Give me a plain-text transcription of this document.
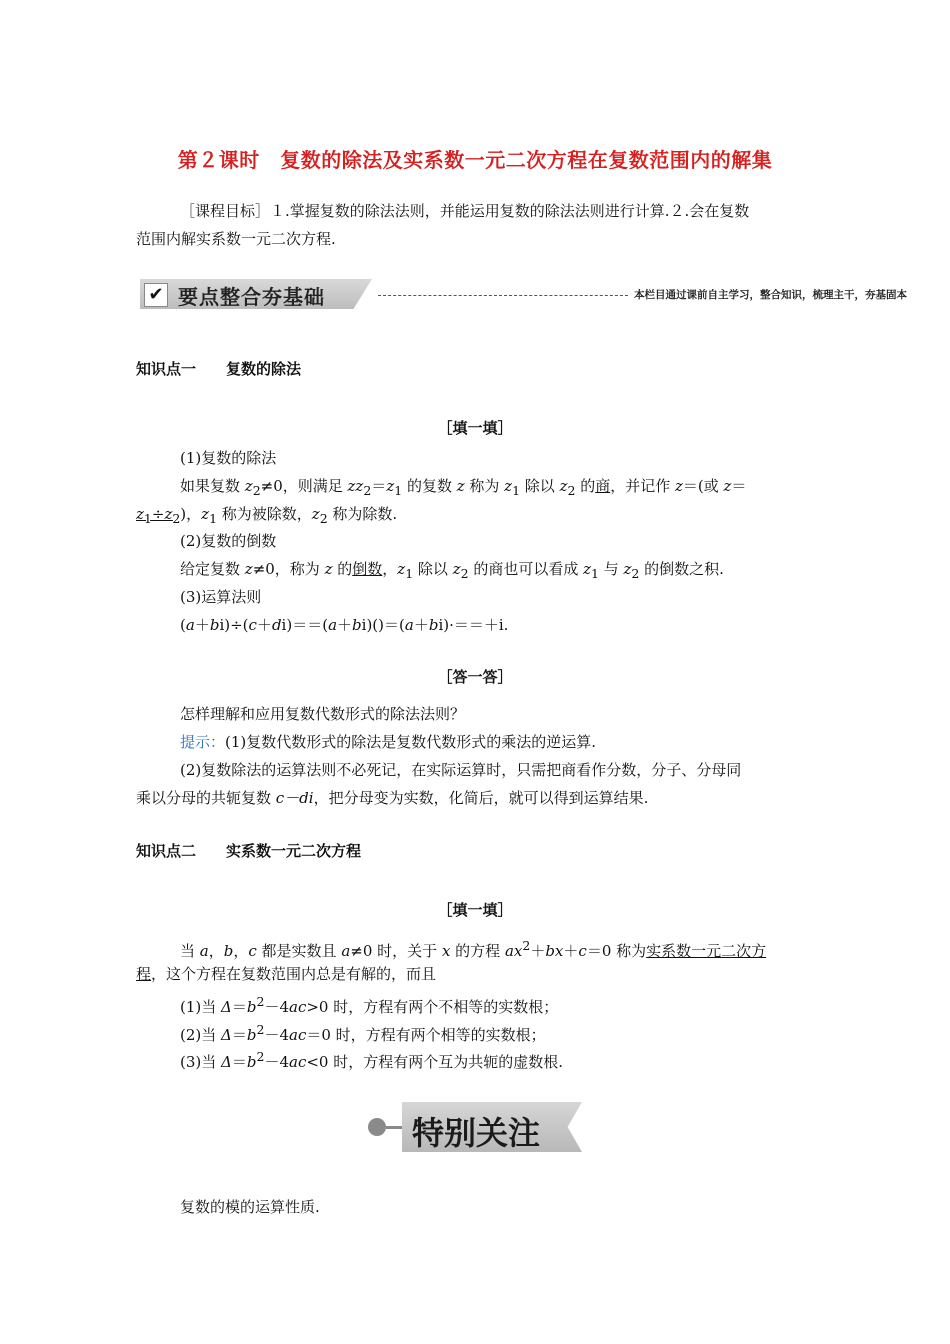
第２课时　复数的除法及实系数一元二次方程在复数范围内的解集
［课程目标］１.掌握复数的除法法则，并能运用复数的除法法则进行计算.２.会在复数
范围内解实系数一元二次方程.
✔ 要点整合夯基础	本栏目通过课前自主学习，整合知识，梳理主干，夯基固本
知识点一　　复数的除法
［填一填］
(1)复数的除法
如果复数 $z_2\ne 0$，则满足 $zz_2=z_1$ 的复数 z 称为 $z_1$ 除以 $z_2$ 的商，并记作 z＝(或 z＝
$z_1\div z_2$)，$z_1$ 称为被除数，$z_2$ 称为除数.
(2)复数的倒数
给定复数 z≠0，称为 z 的倒数，$z_1$ 除以 $z_2$ 的商也可以看成 $z_1$ 与 $z_2$ 的倒数之积.
(3)运算法则
(a＋bi)÷(c＋di)＝＝(a＋bi)()＝(a＋bi)·＝＝＋i.
［答一答］
怎样理解和应用复数代数形式的除法法则？
提示：(1)复数代数形式的除法是复数代数形式的乘法的逆运算.
(2)复数除法的运算法则不必死记，在实际运算时，只需把商看作分数，分子、分母同
乘以分母的共轭复数 c－di，把分母变为实数，化简后，就可以得到运算结果.
知识点二　　实系数一元二次方程
［填一填］
当 a，b，c 都是实数且 a≠0 时，关于 x 的方程 $ax^2+bx+c=0$ 称为实系数一元二次方
程，这个方程在复数范围内总是有解的，而且
(1)当 $\Delta=b^2-4ac>0$ 时，方程有两个不相等的实数根；
(2)当 $\Delta=b^2-4ac=0$ 时，方程有两个相等的实数根；
(3)当 $\Delta=b^2-4ac<0$ 时，方程有两个互为共轭的虚数根.
特别关注
复数的模的运算性质.
